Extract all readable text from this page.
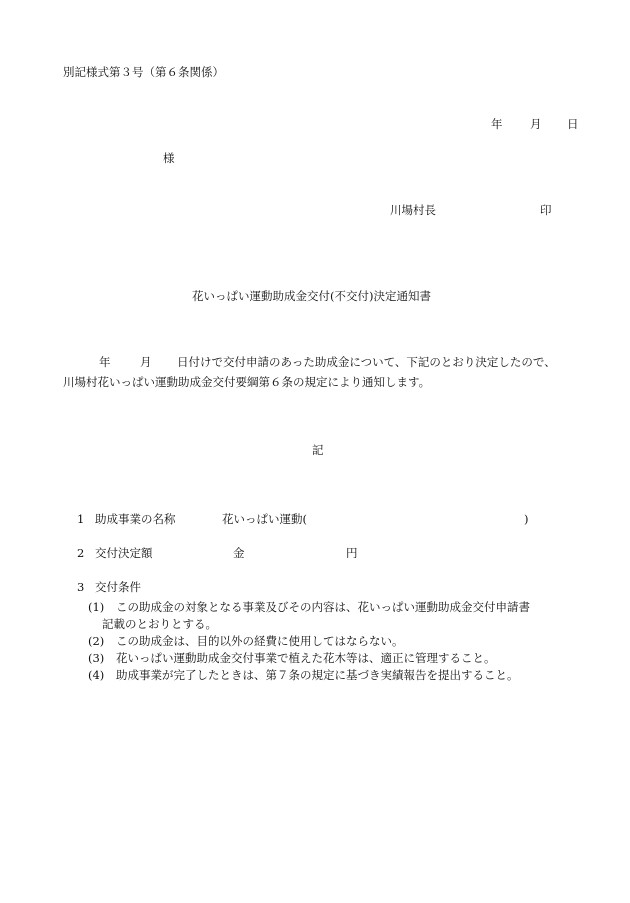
別記様式第３号（第６条関係）
年 月 日
様
川場村長	印
花いっぱい運動助成金交付(不交付)決定通知書
年	月 日付けで交付申請のあった助成金について、下記のとおり決定したので、
川場村花いっぱい運動助成金交付要綱第６条の規定により通知します。
記
1 助成事業の名称	花いっぱい運動(	)
2 交付決定額	金	円
3 交付条件
(1) この助成金の対象となる事業及びその内容は、花いっぱい運動助成金交付申請書
記載のとおりとする。
(2) この助成金は、目的以外の経費に使用してはならない。
(3) 花いっぱい運動助成金交付事業で植えた花木等は、適正に管理すること。
(4) 助成事業が完了したときは、第７条の規定に基づき実績報告を提出すること。
